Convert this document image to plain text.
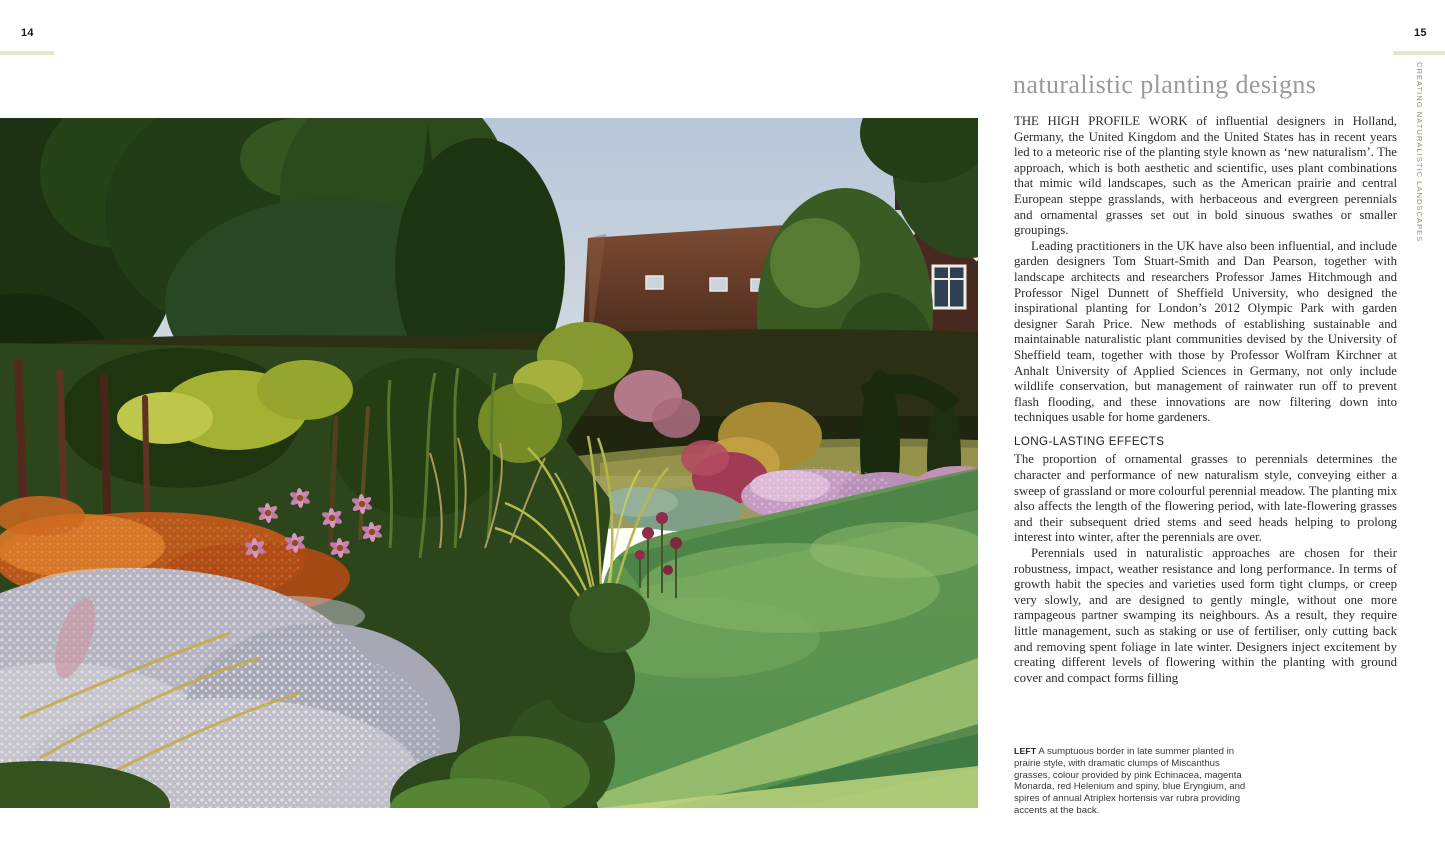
14	15
CREATING NATURALISTIC LANDSCAPES
naturalistic planting designs

THE HIGH PROFILE WORK of influential designers in Holland, Germany, the United Kingdom and the United States has in recent years led to a meteoric rise of the planting style known as ‘new naturalism’. The approach, which is both aesthetic and scientific, uses plant combinations that mimic wild landscapes, such as the American prairie and central European steppe grasslands, with herbaceous and evergreen perennials and ornamental grasses set out in bold sinuous swathes or smaller groupings.

Leading practitioners in the UK have also been influential, and include garden designers Tom Stuart-Smith and Dan Pearson, together with landscape architects and researchers Professor James Hitchmough and Professor Nigel Dunnett of Sheffield University, who designed the inspirational planting for London’s 2012 Olympic Park with garden designer Sarah Price. New methods of establishing sustainable and maintainable naturalistic plant communities devised by the University of Sheffield team, together with those by Professor Wolfram Kirchner at Anhalt University of Applied Sciences in Germany, not only include wildlife conservation, but management of rainwater run off to prevent flash flooding, and these innovations are now filtering down into techniques usable for home gardeners.

LONG-LASTING EFFECTS

The proportion of ornamental grasses to perennials determines the character and performance of new naturalism style, conveying either a sweep of grassland or more colourful perennial meadow. The planting mix also affects the length of the flowering period, with late-flowering grasses and their subsequent dried stems and seed heads helping to prolong interest into winter, after the perennials are over.

Perennials used in naturalistic approaches are chosen for their robustness, impact, weather resistance and long performance. In terms of growth habit the species and varieties used form tight clumps, or creep very slowly, and are designed to gently mingle, without one more rampageous partner swamping its neighbours. As a result, they require little management, such as staking or use of fertiliser, only cutting back and removing spent foliage in late winter. Designers inject excitement by creating different levels of flowering within the planting with ground cover and compact forms filling

LEFT A sumptuous border in late summer planted in prairie style, with dramatic clumps of Miscanthus grasses, colour provided by pink Echinacea, magenta Monarda, red Helenium and spiny, blue Eryngium, and spires of annual Atriplex hortensis var rubra providing accents at the back.
